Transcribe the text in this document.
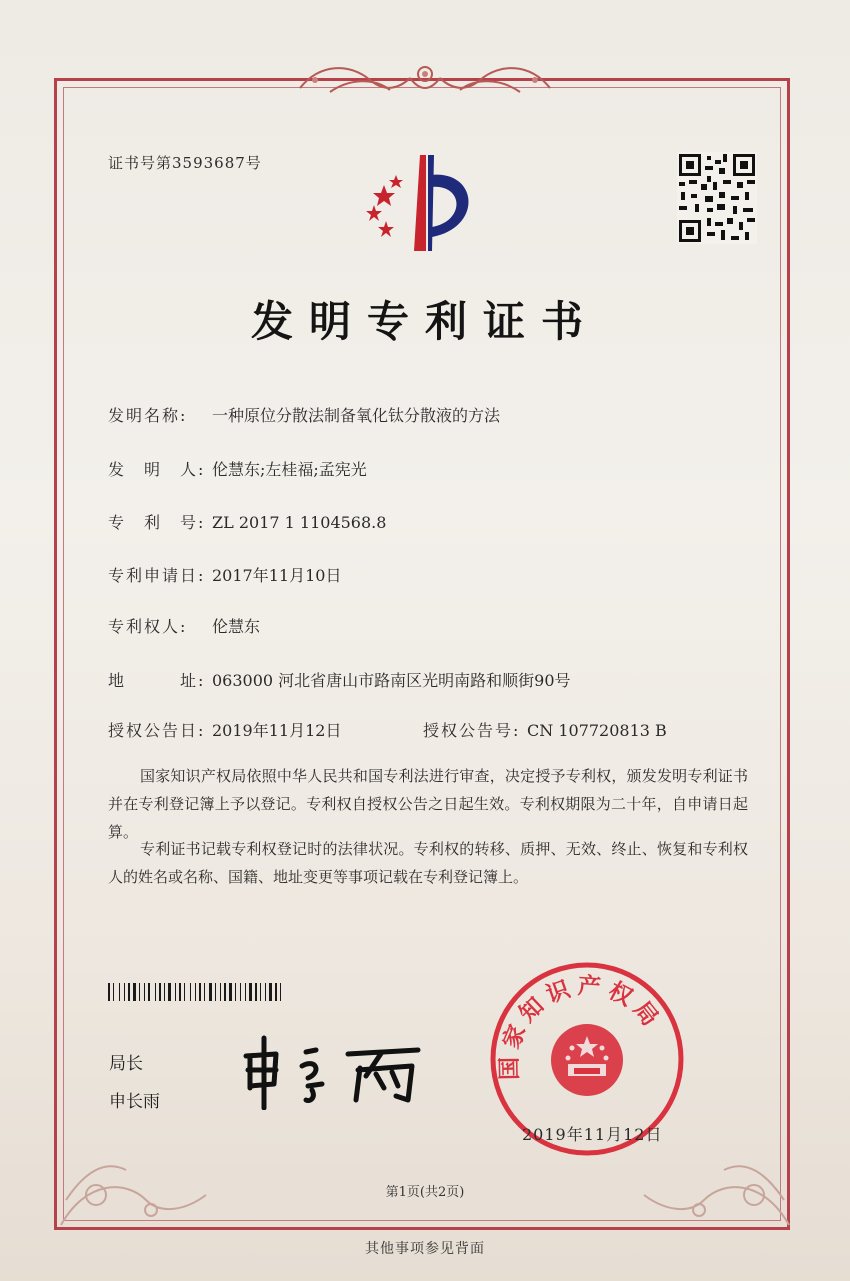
证书号第3593687号
发明专利证书
发明名称: 一种原位分散法制备氧化钛分散液的方法
发　明　人: 伦慧东;左桂福;孟宪光
专　利　号: ZL 2017 1 1104568.8
专利申请日: 2017年11月10日
专利权人: 伦慧东
地　　　址: 063000 河北省唐山市路南区光明南路和顺街90号
授权公告日: 2019年11月12日	授权公告号: CN 107720813 B
国家知识产权局依照中华人民共和国专利法进行审查，决定授予专利权，颁发发明专利证书并在专利登记簿上予以登记。专利权自授权公告之日起生效。专利权期限为二十年，自申请日起算。
专利证书记载专利权登记时的法律状况。专利权的转移、质押、无效、终止、恢复和专利权人的姓名或名称、国籍、地址变更等事项记载在专利登记簿上。
局长
申长雨
国家知识产权局
2019年11月12日
第1页(共2页)
其他事项参见背面
